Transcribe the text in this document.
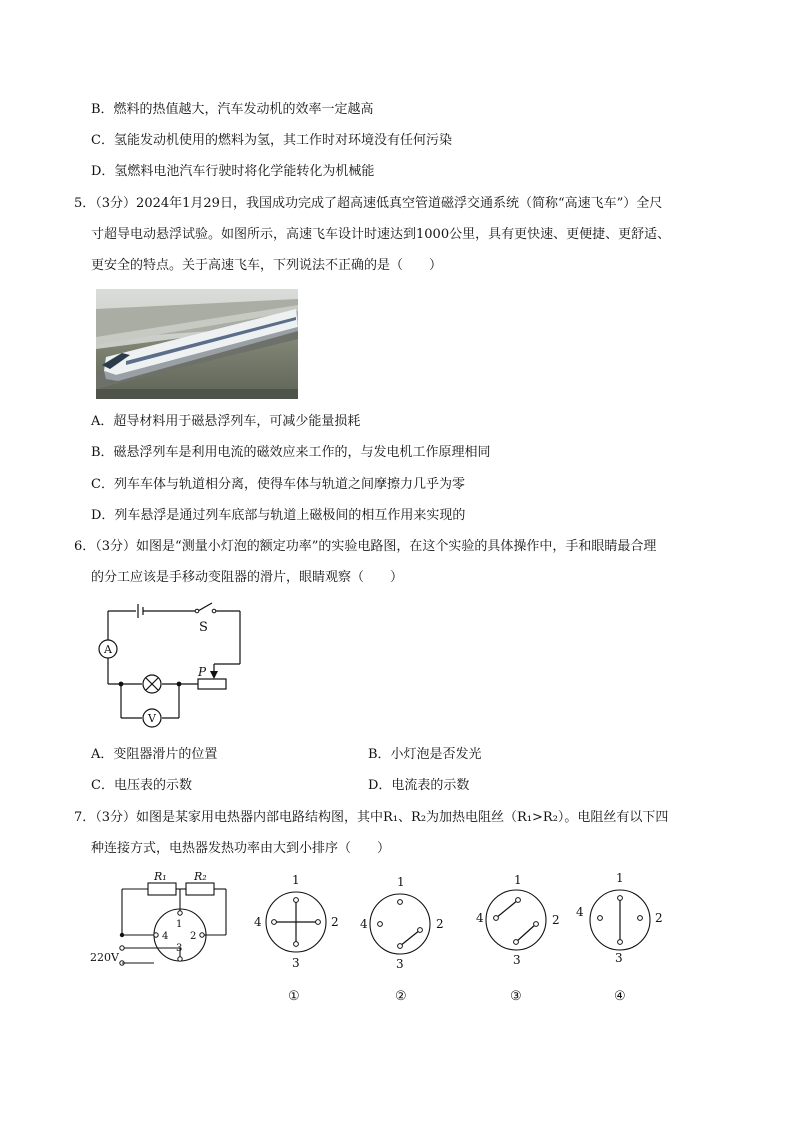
B．燃料的热值越大，汽车发动机的效率一定越高
C．氢能发动机使用的燃料为氢，其工作时对环境没有任何污染
D．氢燃料电池汽车行驶时将化学能转化为机械能
5．（3分）2024年1月29日，我国成功完成了超高速低真空管道磁浮交通系统（简称“高速飞车”）全尺
寸超导电动悬浮试验。如图所示，高速飞车设计时速达到1000公里，具有更快速、更便捷、更舒适、
更安全的特点。关于高速飞车，下列说法不正确的是（　　）
A．超导材料用于磁悬浮列车，可减少能量损耗
B．磁悬浮列车是利用电流的磁效应来工作的，与发电机工作原理相同
C．列车车体与轨道相分离，使得车体与轨道之间摩擦力几乎为零
D．列车悬浮是通过列车底部与轨道上磁极间的相互作用来实现的
6．（3分）如图是“测量小灯泡的额定功率”的实验电路图，在这个实验的具体操作中，手和眼睛最合理
的分工应该是手移动变阻器的滑片，眼睛观察（　　）
S
A
V
P
A．变阻器滑片的位置	B．小灯泡是否发光
C．电压表的示数	D．电流表的示数
7．（3分）如图是某家用电热器内部电路结构图，其中R₁、R₂为加热电阻丝（R₁>R₂）。电阻丝有以下四
种连接方式，电热器发热功率由大到小排序（　　）
R₁ R₂
220V
1
2
3
4
1
2
3
4
1
2
3
4
1
2
3
4
1
2
3
4
①	②	③	④
